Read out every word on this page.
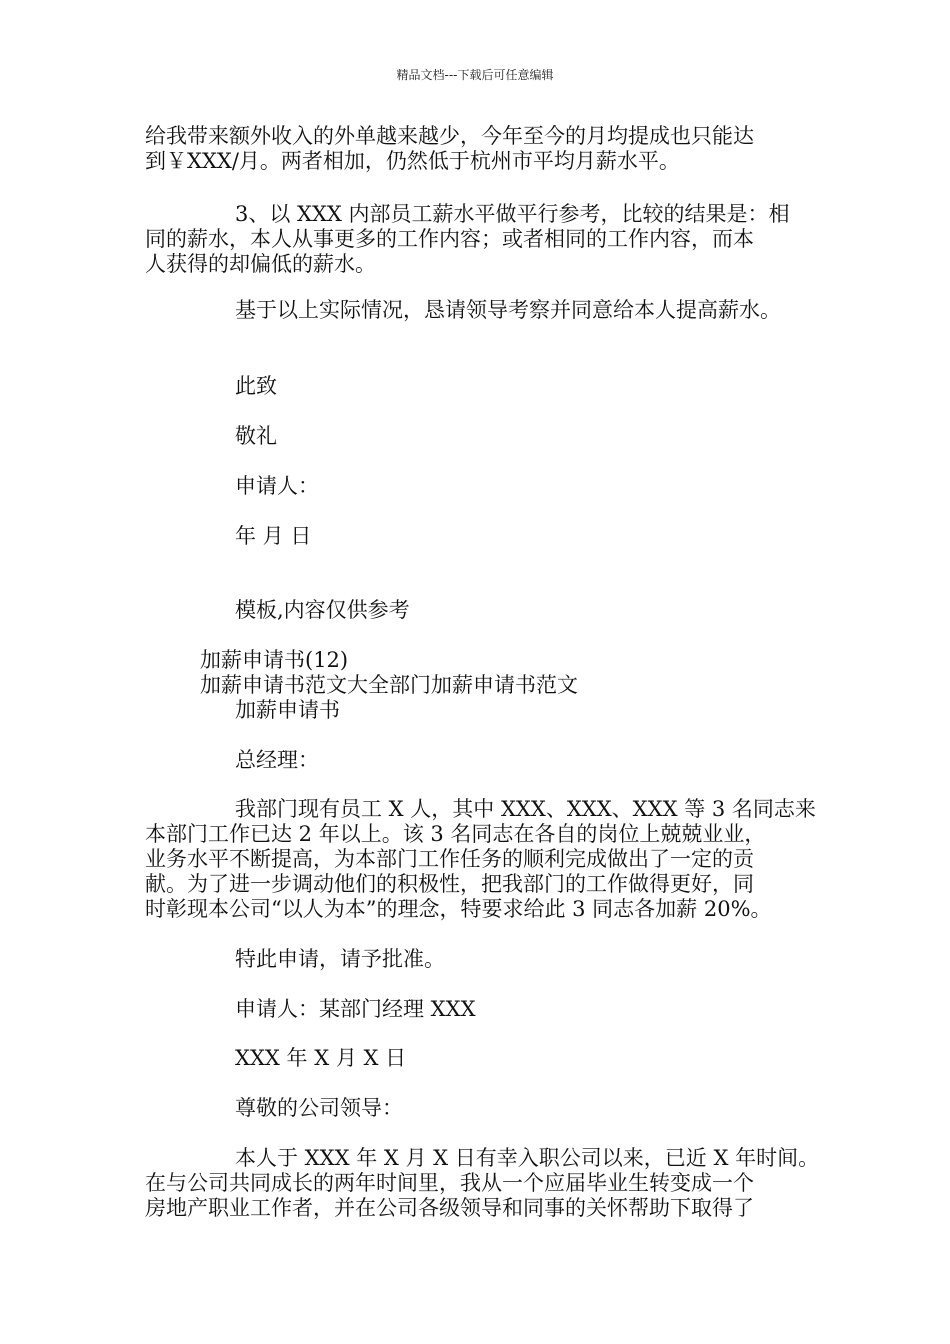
精品文档---下载后可任意编辑
给我带来额外收入的外单越来越少，今年至今的月均提成也只能达
到￥XXX/月。两者相加，仍然低于杭州市平均月薪水平。
3、以 XXX 内部员工薪水平做平行参考，比较的结果是：相
同的薪水，本人从事更多的工作内容；或者相同的工作内容，而本
人获得的却偏低的薪水。
基于以上实际情况，恳请领导考察并同意给本人提高薪水。
此致
敬礼
申请人：
年 月 日
模板,内容仅供参考
加薪申请书(12)
加薪申请书范文大全部门加薪申请书范文
加薪申请书
总经理：
我部门现有员工 X 人，其中 XXX、XXX、XXX 等 3 名同志来
本部门工作已达 2 年以上。该 3 名同志在各自的岗位上兢兢业业，
业务水平不断提高，为本部门工作任务的顺利完成做出了一定的贡
献。为了进一步调动他们的积极性，把我部门的工作做得更好，同
时彰现本公司“以人为本”的理念，特要求给此 3 同志各加薪 20%。
特此申请，请予批准。
申请人：某部门经理 XXX
XXX 年 X 月 X 日
尊敬的公司领导：
本人于 XXX 年 X 月 X 日有幸入职公司以来，已近 X 年时间。
在与公司共同成长的两年时间里，我从一个应届毕业生转变成一个
房地产职业工作者，并在公司各级领导和同事的关怀帮助下取得了
